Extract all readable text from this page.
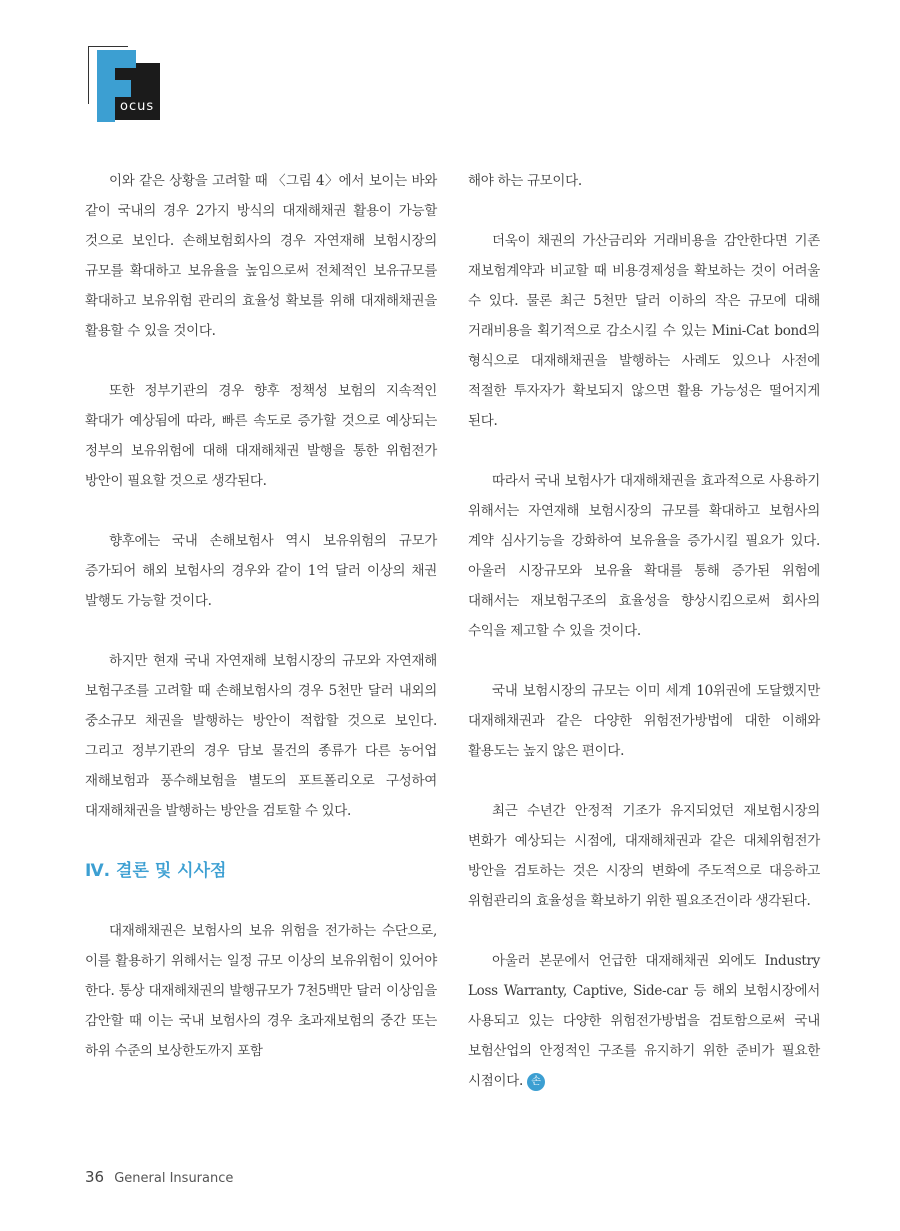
ocus

이와 같은 상황을 고려할 때 〈그림 4〉에서 보이는 바와 같이 국내의 경우 2가지 방식의 대재해채권 활용이 가능할 것으로 보인다. 손해보험회사의 경우 자연재해 보험시장의 규모를 확대하고 보유율을 높임으로써 전체적인 보유규모를 확대하고 보유위험 관리의 효율성 확보를 위해 대재해채권을 활용할 수 있을 것이다.

또한 정부기관의 경우 향후 정책성 보험의 지속적인 확대가 예상됨에 따라, 빠른 속도로 증가할 것으로 예상되는 정부의 보유위험에 대해 대재해채권 발행을 통한 위험전가 방안이 필요할 것으로 생각된다.

향후에는 국내 손해보험사 역시 보유위험의 규모가 증가되어 해외 보험사의 경우와 같이 1억 달러 이상의 채권 발행도 가능할 것이다.

하지만 현재 국내 자연재해 보험시장의 규모와 자연재해 보험구조를 고려할 때 손해보험사의 경우 5천만 달러 내외의 중소규모 채권을 발행하는 방안이 적합할 것으로 보인다. 그리고 정부기관의 경우 담보 물건의 종류가 다른 농어업 재해보험과 풍수해보험을 별도의 포트폴리오로 구성하여 대재해채권을 발행하는 방안을 검토할 수 있다.

Ⅳ. 결론 및 시사점

대재해채권은 보험사의 보유 위험을 전가하는 수단으로, 이를 활용하기 위해서는 일정 규모 이상의 보유위험이 있어야 한다. 통상 대재해채권의 발행규모가 7천5백만 달러 이상임을 감안할 때 이는 국내 보험사의 경우 초과재보험의 중간 또는 하위 수준의 보상한도까지 포함

해야 하는 규모이다.

더욱이 채권의 가산금리와 거래비용을 감안한다면 기존 재보험계약과 비교할 때 비용경제성을 확보하는 것이 어려울 수 있다. 물론 최근 5천만 달러 이하의 작은 규모에 대해 거래비용을 획기적으로 감소시킬 수 있는 Mini-Cat bond의 형식으로 대재해채권을 발행하는 사례도 있으나 사전에 적절한 투자자가 확보되지 않으면 활용 가능성은 떨어지게 된다.

따라서 국내 보험사가 대재해채권을 효과적으로 사용하기 위해서는 자연재해 보험시장의 규모를 확대하고 보험사의 계약 심사기능을 강화하여 보유율을 증가시킬 필요가 있다. 아울러 시장규모와 보유율 확대를 통해 증가된 위험에 대해서는 재보험구조의 효율성을 향상시킴으로써 회사의 수익을 제고할 수 있을 것이다.

국내 보험시장의 규모는 이미 세계 10위권에 도달했지만 대재해채권과 같은 다양한 위험전가방법에 대한 이해와 활용도는 높지 않은 편이다.

최근 수년간 안정적 기조가 유지되었던 재보험시장의 변화가 예상되는 시점에, 대재해채권과 같은 대체위험전가 방안을 검토하는 것은 시장의 변화에 주도적으로 대응하고 위험관리의 효율성을 확보하기 위한 필요조건이라 생각된다.

아울러 본문에서 언급한 대재해채권 외에도 Industry Loss Warranty, Captive, Side-car 등 해외 보험시장에서 사용되고 있는 다양한 위험전가방법을 검토함으로써 국내 보험산업의 안정적인 구조를 유지하기 위한 준비가 필요한 시점이다. 손

36 General Insurance
